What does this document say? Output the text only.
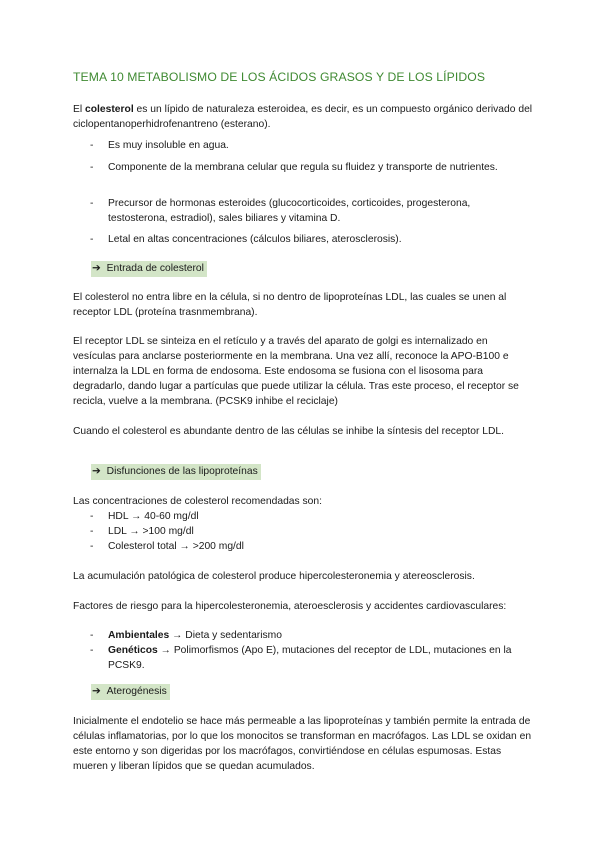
TEMA 10 METABOLISMO DE LOS ÁCIDOS GRASOS Y DE LOS LÍPIDOS

El colesterol es un lípido de naturaleza esteroidea, es decir, es un compuesto orgánico derivado del ciclopentanoperhidrofenantreno (esterano).

- Es muy insoluble en agua.
- Componente de la membrana celular que regula su fluidez y transporte de nutrientes.
- Precursor de hormonas esteroides (glucocorticoides, corticoides, progesterona, testosterona, estradiol), sales biliares y vitamina D.
- Letal en altas concentraciones (cálculos biliares, aterosclerosis).
➔ Entrada de colesterol

El colesterol no entra libre en la célula, si no dentro de lipoproteínas LDL, las cuales se unen al receptor LDL (proteína trasnmembrana).

El receptor LDL se sinteiza en el retículo y a través del aparato de golgi es internalizado en vesículas para anclarse posteriormente en la membrana. Una vez allí, reconoce la APO-B100 e internalza la LDL en forma de endosoma. Este endosoma se fusiona con el lisosoma para degradarlo, dando lugar a partículas que puede utilizar la célula. Tras este proceso, el receptor se recicla, vuelve a la membrana. (PCSK9 inhibe el reciclaje)

Cuando el colesterol es abundante dentro de las células se inhibe la síntesis del receptor LDL.

➔ Disfunciones de las lipoproteínas

Las concentraciones de colesterol recomendadas son:

- HDL → 40-60 mg/dl
- LDL → >100 mg/dl
- Colesterol total → >200 mg/dl

La acumulación patológica de colesterol produce hipercolesteronemia y atereosclerosis.

Factores de riesgo para la hipercolesteronemia, ateroesclerosis y accidentes cardiovasculares:

- Ambientales → Dieta y sedentarismo
- Genéticos → Polimorfismos (Apo E), mutaciones del receptor de LDL, mutaciones en la PCSK9.
➔ Aterogénesis

Inicialmente el endotelio se hace más permeable a las lipoproteínas y también permite la entrada de células inflamatorias, por lo que los monocitos se transforman en macrófagos. Las LDL se oxidan en este entorno y son digeridas por los macrófagos, convirtiéndose en células espumosas. Estas mueren y liberan lípidos que se quedan acumulados.
